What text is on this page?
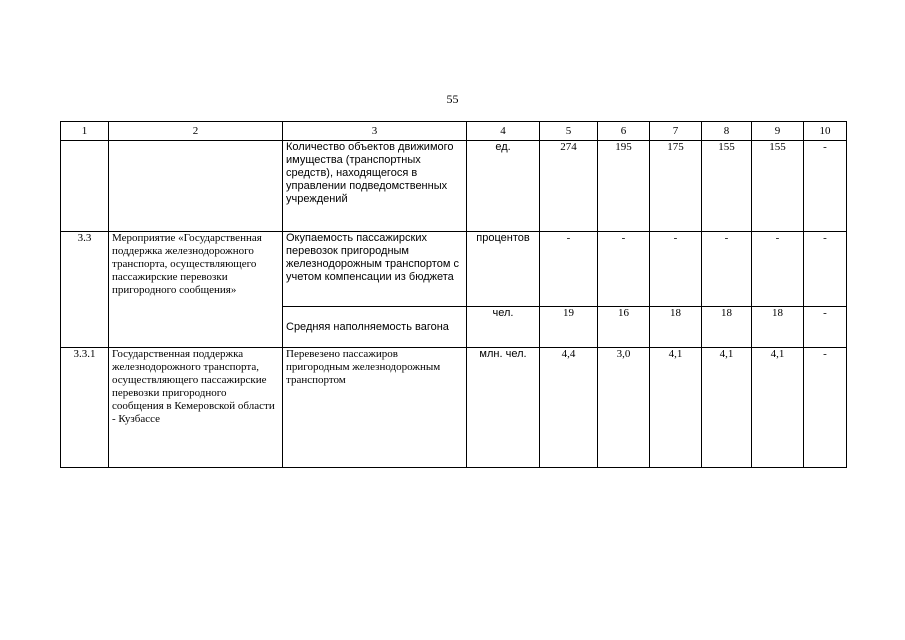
55
1	2	3	4	5	6	7	8	9	10
		Количество объектов движимого имущества (транспортных средств), находящегося в управлении подведомственных учреждений	ед.	274	195	175	155	155	-
3.3	Мероприятие «Государственная поддержка железнодорожного транспорта, осуществляющего пассажирские перевозки пригородного сообщения»	Окупаемость пассажирских перевозок пригородным железнодорожным транспортом с учетом компенсации из бюджета	процентов	-	-	-	-	-	-
		Средняя наполняемость вагона	чел.	19	16	18	18	18	-
3.3.1	Государственная поддержка железнодорожного транспорта, осуществляющего пассажирские перевозки пригородного сообщения в Кемеровской области - Кузбассе	Перевезено пассажиров пригородным железнодорожным транспортом	млн. чел.	4,4	3,0	4,1	4,1	4,1	-
